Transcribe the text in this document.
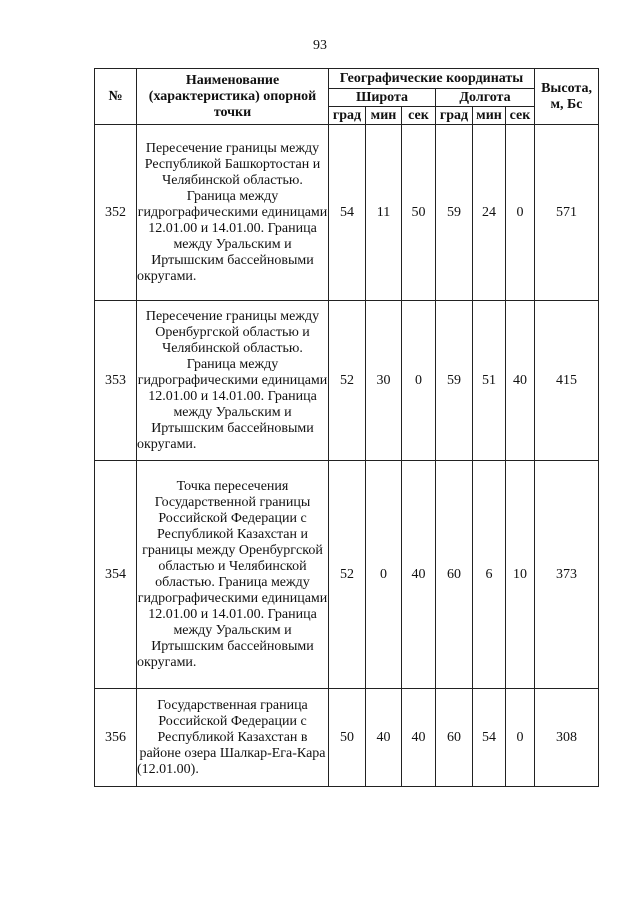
93
№	Наименование (характеристика) опорной точки	Географические координаты						Высота, м, Бс
		Широта			Долгота			
		град	мин	сек	град	мин	сек	
352	Пересечение границы между Республикой Башкортостан и Челябинской областью. Граница между гидрографическими единицами 12.01.00 и 14.01.00. Граница между Уральским и Иртышским бассейновыми округами.	54	11	50	59	24	0	571
353	Пересечение границы между Оренбургской областью и Челябинской областью. Граница между гидрографическими единицами 12.01.00 и 14.01.00. Граница между Уральским и Иртышским бассейновыми округами.	52	30	0	59	51	40	415
354	Точка пересечения Государственной границы Российской Федерации с Республикой Казахстан и границы между Оренбургской областью и Челябинской областью. Граница между гидрографическими единицами 12.01.00 и 14.01.00. Граница между Уральским и Иртышским бассейновыми округами.	52	0	40	60	6	10	373
356	Государственная граница Российской Федерации с Республикой Казахстан в районе озера Шалкар-Ега-Кара (12.01.00).	50	40	40	60	54	0	308
